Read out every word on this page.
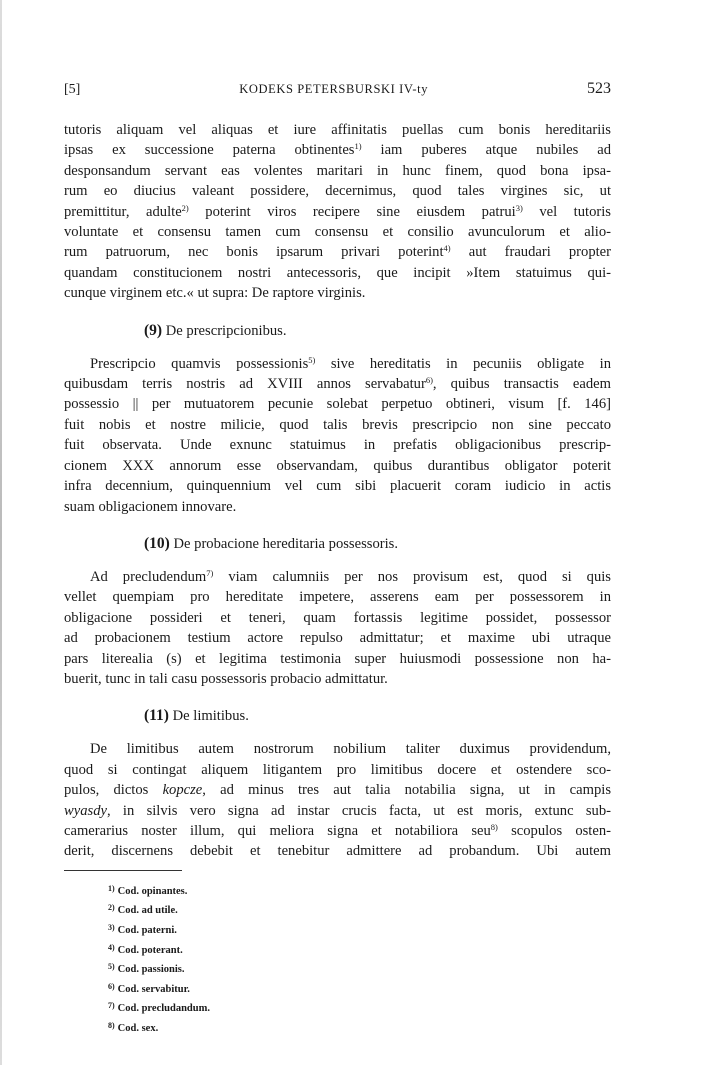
[5]	KODEKS PETERSBURSKI IV-ty	523

tutoris aliquam vel aliquas et iure affinitatis puellas cum bonis hereditariis
ipsas ex successione paterna obtinentes$^{1)}$ iam puberes atque nubiles ad
desponsandum servant eas volentes maritari in hunc finem, quod bona ipsa-
rum eo diucius valeant possidere, decernimus, quod tales virgines sic, ut
premittitur, adulte$^{2)}$ poterint viros recipere sine eiusdem patrui$^{3)}$ vel tutoris
voluntate et consensu tamen cum consensu et consilio avunculorum et alio-
rum patruorum, nec bonis ipsarum privari poterint$^{4)}$ aut fraudari propter
quandam constitucionem nostri antecessoris, que incipit »Item statuimus qui-
cunque virginem etc.« ut supra: De raptore virginis.

(9) De prescripcionibus.

Prescripcio quamvis possessionis$^{5)}$ sive hereditatis in pecuniis obligate in
quibusdam terris nostris ad XVIII annos servabatur$^{6)}$, quibus transactis eadem
possessio || per mutuatorem pecunie solebat perpetuo obtineri, visum [f. 146]
fuit nobis et nostre milicie, quod talis brevis prescripcio non sine peccato
fuit observata. Unde exnunc statuimus in prefatis obligacionibus prescrip-
cionem XXX annorum esse observandam, quibus durantibus obligator poterit
infra decennium, quinquennium vel cum sibi placuerit coram iudicio in actis
suam obligacionem innovare.

(10) De probacione hereditaria possessoris.

Ad precludendum$^{7)}$ viam calumniis per nos provisum est, quod si quis
vellet quempiam pro hereditate impetere, asserens eam per possessorem in
obligacione possideri et teneri, quam fortassis legitime possidet, possessor
ad probacionem testium actore repulso admittatur; et maxime ubi utraque
pars literealia (s) et legitima testimonia super huiusmodi possessione non ha-
buerit, tunc in tali casu possessoris probacio admittatur.

(11) De limitibus.

De limitibus autem nostrorum nobilium taliter duximus providendum,
quod si contingat aliquem litigantem pro limitibus docere et ostendere sco-
pulos, dictos kopcze, ad minus tres aut talia notabilia signa, ut in campis
wyasdy, in silvis vero signa ad instar crucis facta, ut est moris, extunc sub-
camerarius noster illum, qui meliora signa et notabiliora seu$^{8)}$ scopulos osten-
derit, discernens debebit et tenebitur admittere ad probandum. Ubi autem

$^{1)}$ Cod. opinantes.
$^{2)}$ Cod. ad utile.
$^{3)}$ Cod. paterni.
$^{4)}$ Cod. poterant.
$^{5)}$ Cod. passionis.
$^{6)}$ Cod. servabitur.
$^{7)}$ Cod. precludandum.
$^{8)}$ Cod. sex.
